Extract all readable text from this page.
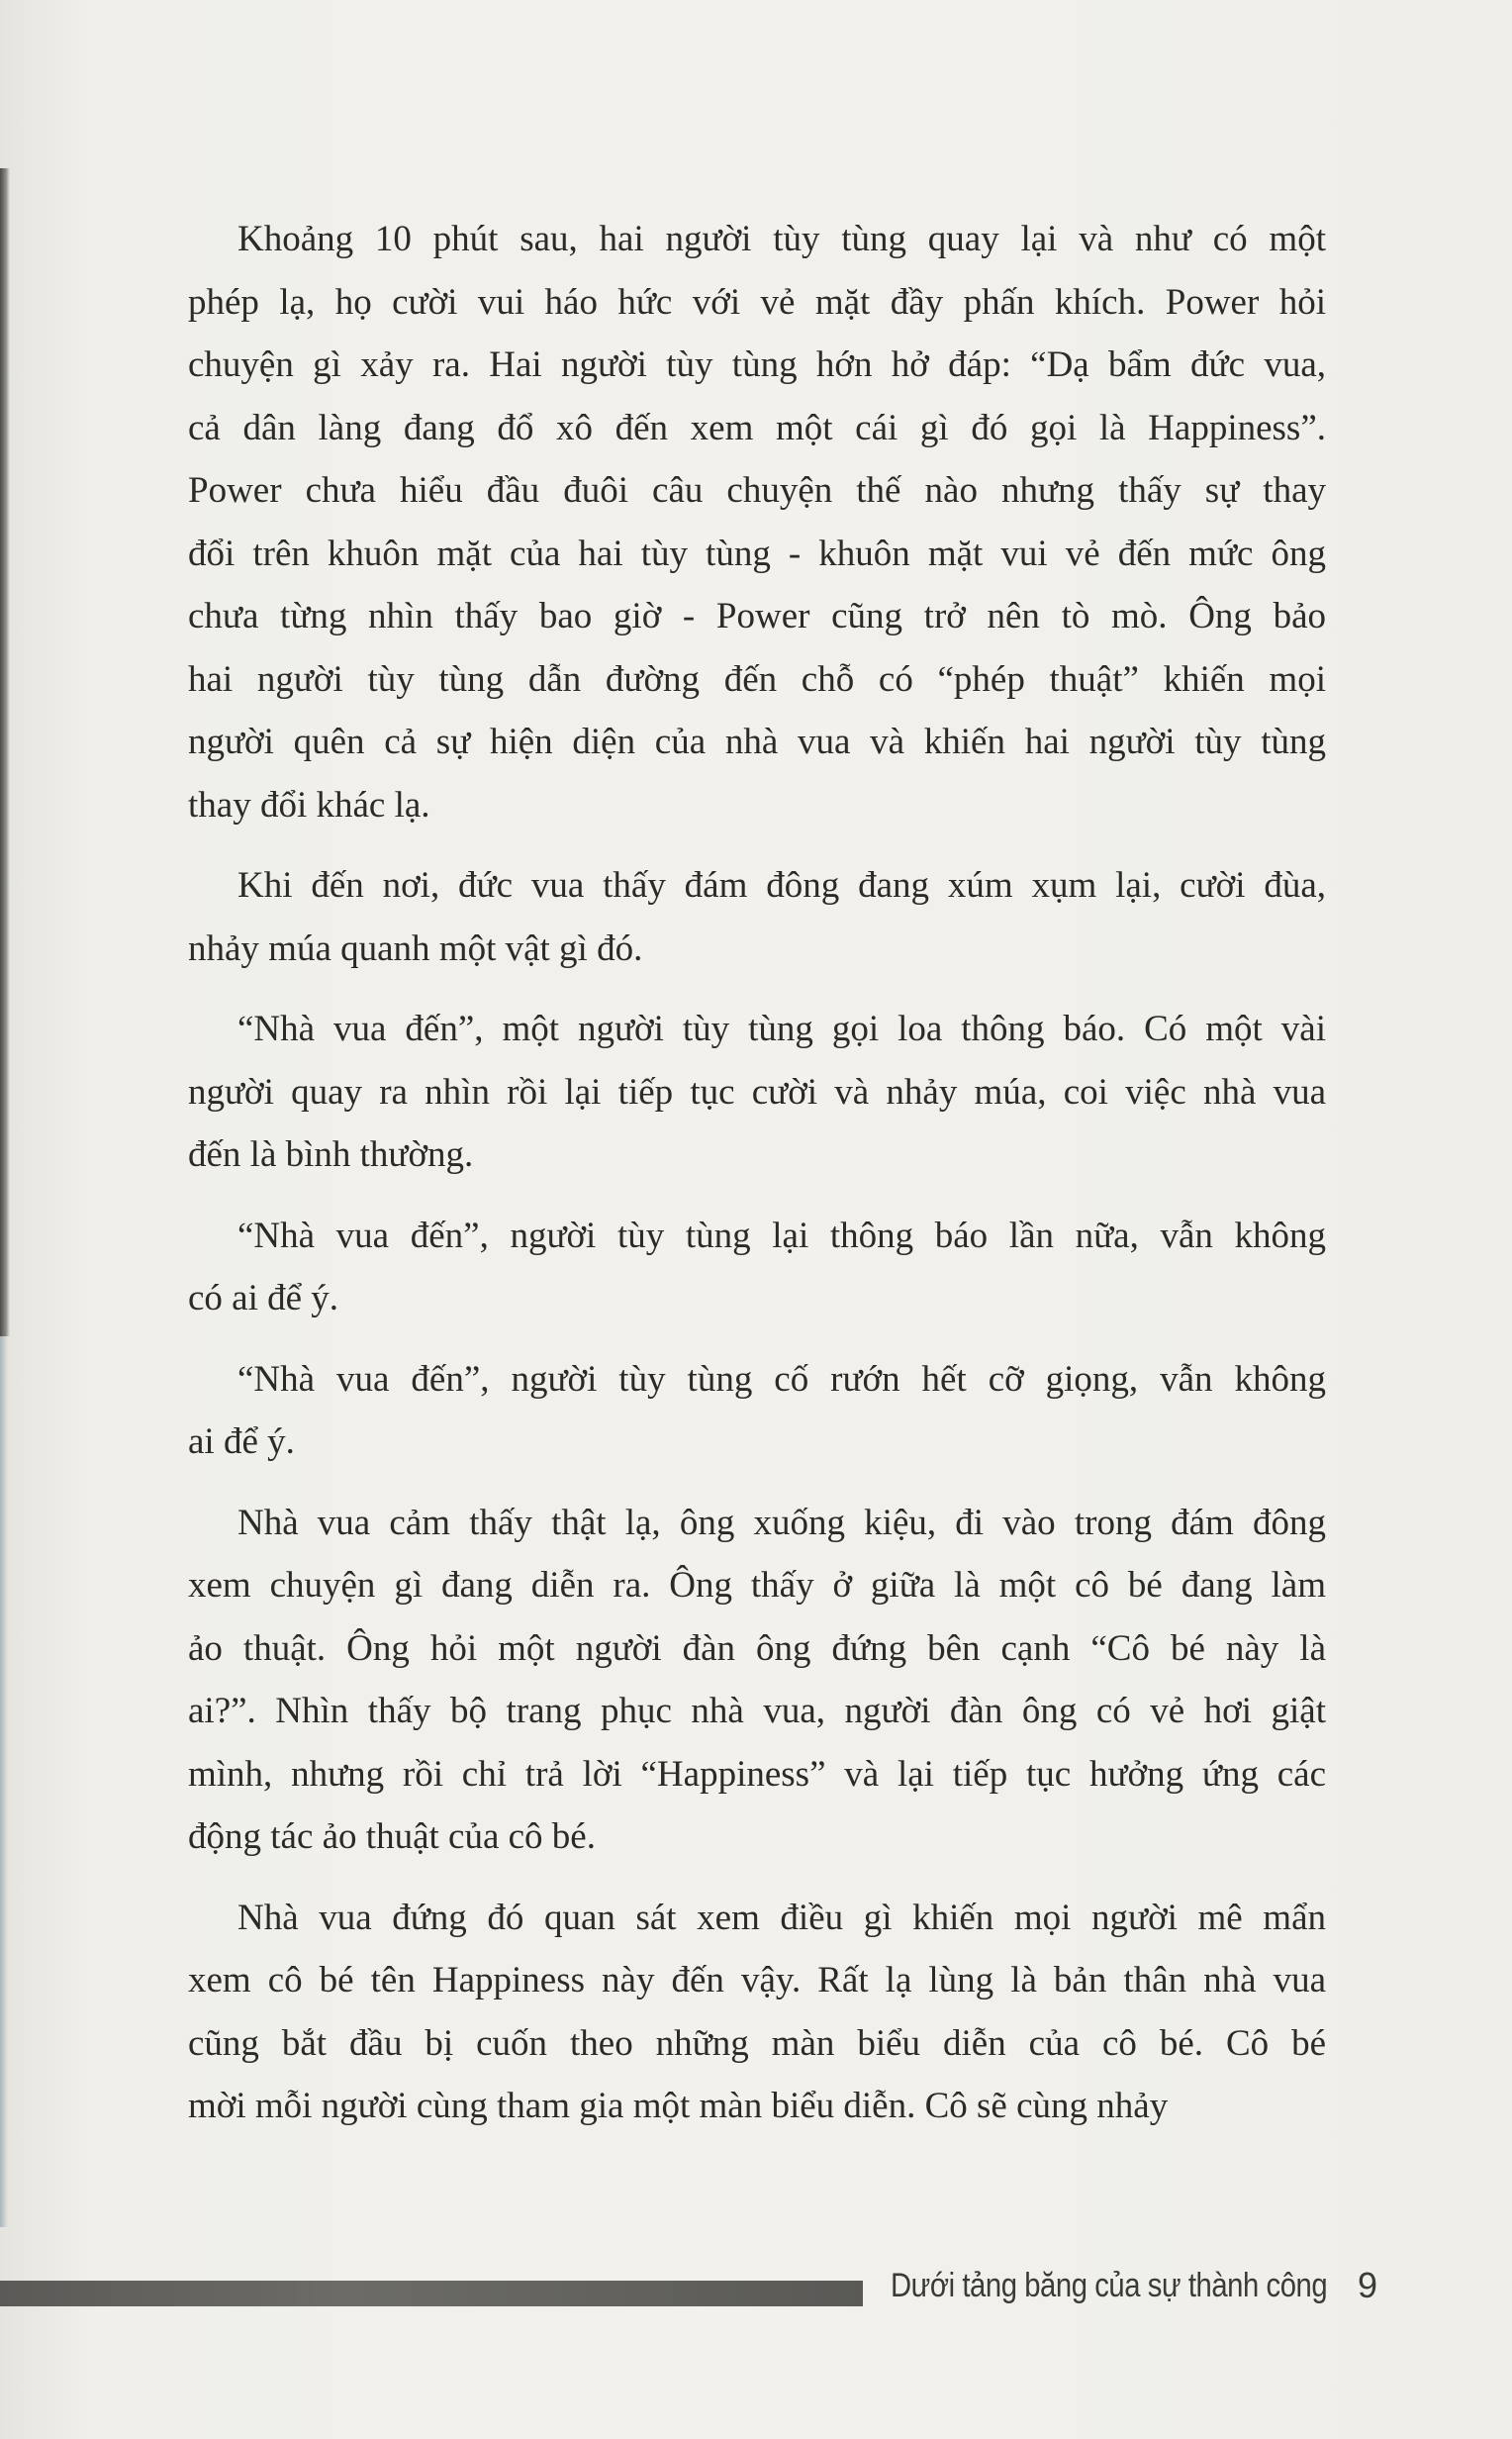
Khoảng 10 phút sau, hai người tùy tùng quay lại và như có một
phép lạ, họ cười vui háo hức với vẻ mặt đầy phấn khích. Power hỏi
chuyện gì xảy ra. Hai người tùy tùng hớn hở đáp: “Dạ bẩm đức vua,
cả dân làng đang đổ xô đến xem một cái gì đó gọi là Happiness”.
Power chưa hiểu đầu đuôi câu chuyện thế nào nhưng thấy sự thay
đổi trên khuôn mặt của hai tùy tùng - khuôn mặt vui vẻ đến mức ông
chưa từng nhìn thấy bao giờ - Power cũng trở nên tò mò. Ông bảo
hai người tùy tùng dẫn đường đến chỗ có “phép thuật” khiến mọi
người quên cả sự hiện diện của nhà vua và khiến hai người tùy tùng
thay đổi khác lạ.

Khi đến nơi, đức vua thấy đám đông đang xúm xụm lại, cười đùa,
nhảy múa quanh một vật gì đó.

“Nhà vua đến”, một người tùy tùng gọi loa thông báo. Có một vài
người quay ra nhìn rồi lại tiếp tục cười và nhảy múa, coi việc nhà vua
đến là bình thường.

“Nhà vua đến”, người tùy tùng lại thông báo lần nữa, vẫn không
có ai để ý.

“Nhà vua đến”, người tùy tùng cố rướn hết cỡ giọng, vẫn không
ai để ý.

Nhà vua cảm thấy thật lạ, ông xuống kiệu, đi vào trong đám đông
xem chuyện gì đang diễn ra. Ông thấy ở giữa là một cô bé đang làm
ảo thuật. Ông hỏi một người đàn ông đứng bên cạnh “Cô bé này là
ai?”. Nhìn thấy bộ trang phục nhà vua, người đàn ông có vẻ hơi giật
mình, nhưng rồi chỉ trả lời “Happiness” và lại tiếp tục hưởng ứng các
động tác ảo thuật của cô bé.

Nhà vua đứng đó quan sát xem điều gì khiến mọi người mê mẩn
xem cô bé tên Happiness này đến vậy. Rất lạ lùng là bản thân nhà vua
cũng bắt đầu bị cuốn theo những màn biểu diễn của cô bé. Cô bé
mời mỗi người cùng tham gia một màn biểu diễn. Cô sẽ cùng nhảy

Dưới tảng băng của sự thành công 9
